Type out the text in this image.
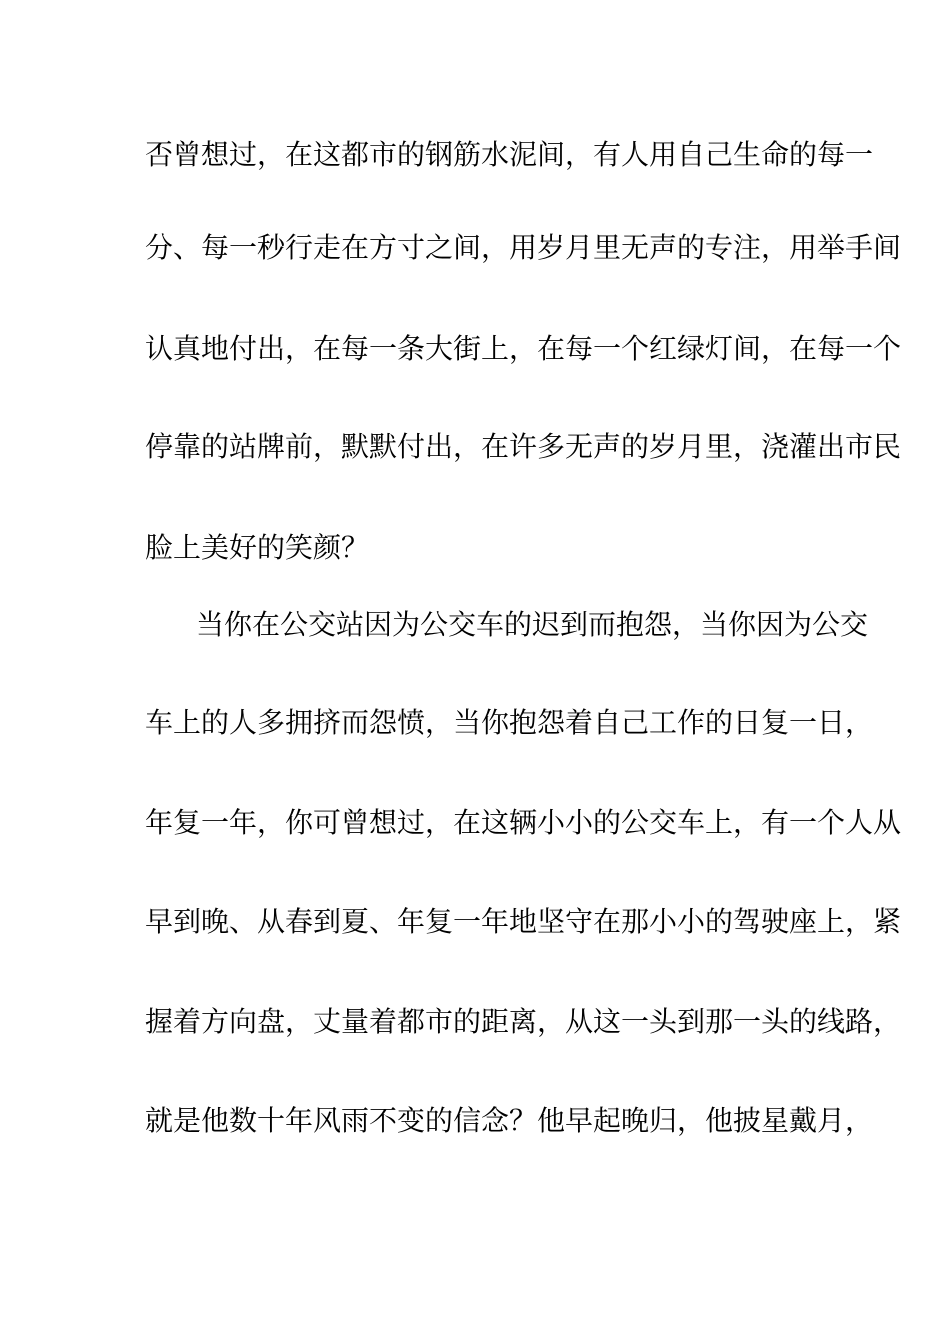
否曾想过，在这都市的钢筋水泥间，有人用自己生命的每一
分、每一秒行走在方寸之间，用岁月里无声的专注，用举手间
认真地付出，在每一条大街上，在每一个红绿灯间，在每一个
停靠的站牌前，默默付出，在许多无声的岁月里，浇灌出市民
脸上美好的笑颜？
当你在公交站因为公交车的迟到而抱怨，当你因为公交
车上的人多拥挤而怨愤，当你抱怨着自己工作的日复一日，
年复一年，你可曾想过，在这辆小小的公交车上，有一个人从
早到晚、从春到夏、年复一年地坚守在那小小的驾驶座上，紧
握着方向盘，丈量着都市的距离，从这一头到那一头的线路，
就是他数十年风雨不变的信念？他早起晚归，他披星戴月，
